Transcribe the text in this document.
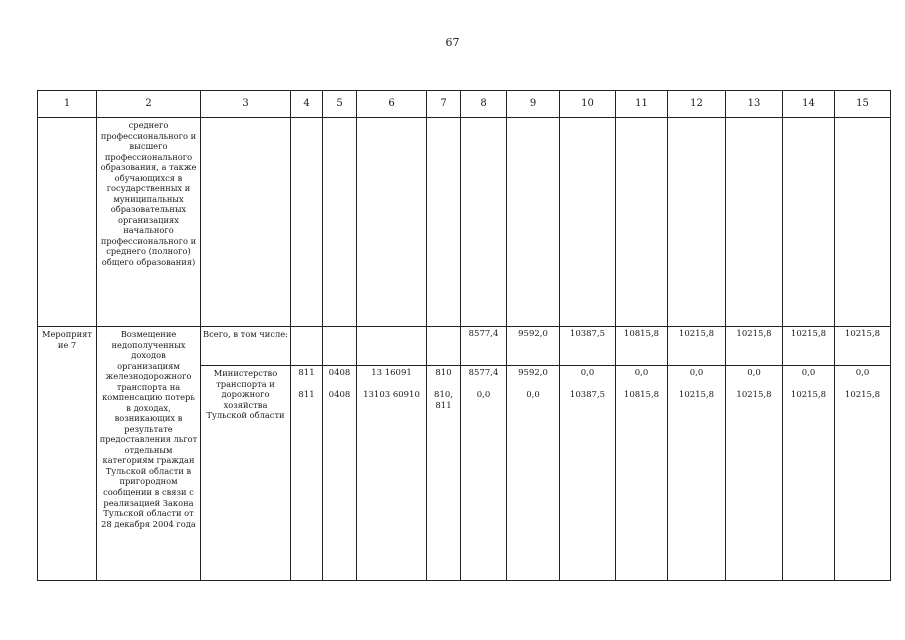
67
1	2	3	4	5	6	7	8	9	10	11	12	13	14	15
	среднего профессионального и высшего профессионального образования, а также обучающихся в государственных и муниципальных образовательных организациях начального профессионального и среднего (полного) общего образования)													
Мероприятие 7	Возмещение недополученных доходов организациям железнодорожного транспорта на компенсацию потерь в доходах, возникающих в результате предоставления льгот отдельным категориям граждан Тульской области в пригородном сообщении в связи с реализацией Закона Тульской области от 28 декабря 2004 года	Всего, в том числе:					8577,4	9592,0	10387,5	10815,8	10215,8	10215,8	10215,8	10215,8
		Министерство транспорта и дорожного хозяйства Тульской области	811	0408	13 16091	810	8577,4	9592,0	0,0	0,0	0,0	0,0	0,0	0,0
			811	0408	13103 60910	810, 811	0,0	0,0	10387,5	10815,8	10215,8	10215,8	10215,8	10215,8
